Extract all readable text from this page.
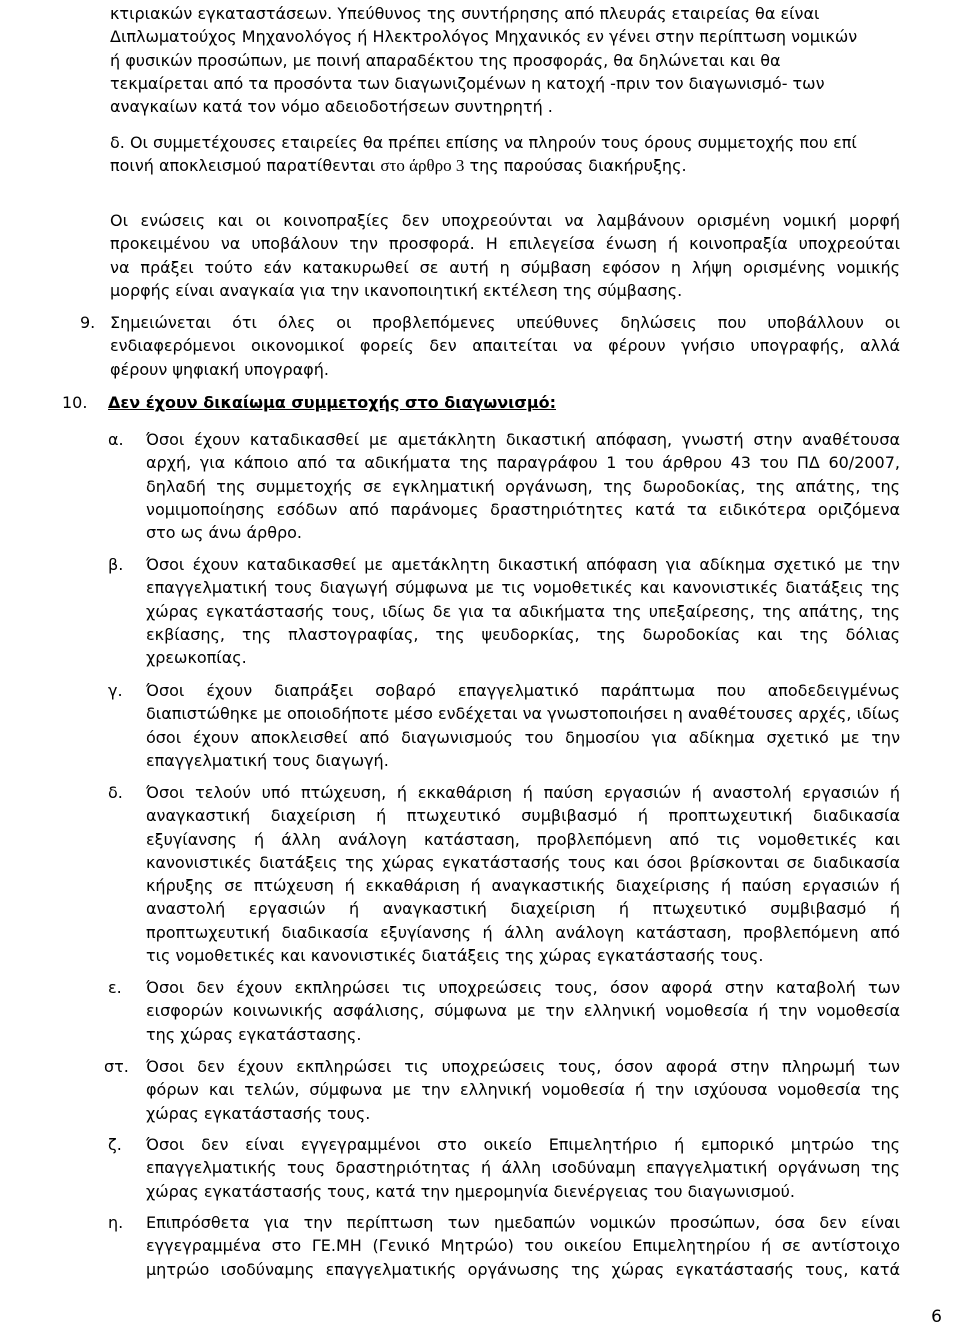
κτιριακών εγκαταστάσεων. Υπεύθυνος της συντήρησης από πλευράς εταιρείας θα είναι
Διπλωματούχος Μηχανολόγος ή Ηλεκτρολόγος Μηχανικός εν γένει στην περίπτωση νομικών
ή φυσικών προσώπων, με ποινή απαραδέκτου της προσφοράς, θα δηλώνεται και θα
τεκμαίρεται από τα προσόντα των διαγωνιζομένων η κατοχή -πριν τον διαγωνισμό- των
αναγκαίων κατά τον νόμο αδειοδοτήσεων συντηρητή .
δ. Οι συμμετέχουσες εταιρείες θα πρέπει επίσης να πληρούν τους όρους συμμετοχής που επί
ποινή αποκλεισμού παρατίθενται στο άρθρο 3 της παρούσας διακήρυξης.
Οι ενώσεις και οι κοινοπραξίες δεν υποχρεούνται να λαμβάνουν ορισμένη νομική μορφή
προκειμένου να υποβάλουν την προσφορά. Η επιλεγείσα ένωση ή κοινοπραξία υποχρεούται
να πράξει τούτο εάν κατακυρωθεί σε αυτή η σύμβαση εφόσον η λήψη ορισμένης νομικής
μορφής είναι αναγκαία για την ικανοποιητική εκτέλεση της σύμβασης.
9. Σημειώνεται ότι όλες οι προβλεπόμενες υπεύθυνες δηλώσεις που υποβάλλουν οι
ενδιαφερόμενοι οικονομικοί φορείς δεν απαιτείται να φέρουν γνήσιο υπογραφής, αλλά
φέρουν ψηφιακή υπογραφή.
10. Δεν έχουν δικαίωμα συμμετοχής στο διαγωνισμό:
α. Όσοι έχουν καταδικασθεί με αμετάκλητη δικαστική απόφαση, γνωστή στην αναθέτουσα
αρχή, για κάποιο από τα αδικήματα της παραγράφου 1 του άρθρου 43 του ΠΔ 60/2007,
δηλαδή της συμμετοχής σε εγκληματική οργάνωση, της δωροδοκίας, της απάτης, της
νομιμοποίησης εσόδων από παράνομες δραστηριότητες κατά τα ειδικότερα οριζόμενα
στο ως άνω άρθρο.
β. Όσοι έχουν καταδικασθεί με αμετάκλητη δικαστική απόφαση για αδίκημα σχετικό με την
επαγγελματική τους διαγωγή σύμφωνα με τις νομοθετικές και κανονιστικές διατάξεις της
χώρας εγκατάστασής τους, ιδίως δε για τα αδικήματα της υπεξαίρεσης, της απάτης, της
εκβίασης, της πλαστογραφίας, της ψευδορκίας, της δωροδοκίας και της δόλιας
χρεωκοπίας.
γ. Όσοι έχουν διαπράξει σοβαρό επαγγελματικό παράπτωμα που αποδεδειγμένως
διαπιστώθηκε με οποιοδήποτε μέσο ενδέχεται να γνωστοποιήσει η αναθέτουσες αρχές, ιδίως
όσοι έχουν αποκλεισθεί από διαγωνισμούς του δημοσίου για αδίκημα σχετικό με την
επαγγελματική τους διαγωγή.
δ. Όσοι τελούν υπό πτώχευση, ή εκκαθάριση ή παύση εργασιών ή αναστολή εργασιών ή
αναγκαστική διαχείριση ή πτωχευτικό συμβιβασμό ή προπτωχευτική διαδικασία
εξυγίανσης ή άλλη ανάλογη κατάσταση, προβλεπόμενη από τις νομοθετικές και
κανονιστικές διατάξεις της χώρας εγκατάστασής τους και όσοι βρίσκονται σε διαδικασία
κήρυξης σε πτώχευση ή εκκαθάριση ή αναγκαστικής διαχείρισης ή παύση εργασιών ή
αναστολή εργασιών ή αναγκαστική διαχείριση ή πτωχευτικό συμβιβασμό ή
προπτωχευτική διαδικασία εξυγίανσης ή άλλη ανάλογη κατάσταση, προβλεπόμενη από
τις νομοθετικές και κανονιστικές διατάξεις της χώρας εγκατάστασής τους.
ε. Όσοι δεν έχουν εκπληρώσει τις υποχρεώσεις τους, όσον αφορά στην καταβολή των
εισφορών κοινωνικής ασφάλισης, σύμφωνα με την ελληνική νομοθεσία ή την νομοθεσία
της χώρας εγκατάστασης.
στ. Όσοι δεν έχουν εκπληρώσει τις υποχρεώσεις τους, όσον αφορά στην πληρωμή των
φόρων και τελών, σύμφωνα με την ελληνική νομοθεσία ή την ισχύουσα νομοθεσία της
χώρας εγκατάστασής τους.
ζ. Όσοι δεν είναι εγγεγραμμένοι στο οικείο Επιμελητήριο ή εμπορικό μητρώο της
επαγγελματικής τους δραστηριότητας ή άλλη ισοδύναμη επαγγελματική οργάνωση της
χώρας εγκατάστασής τους, κατά την ημερομηνία διενέργειας του διαγωνισμού.
η. Επιπρόσθετα για την περίπτωση των ημεδαπών νομικών προσώπων, όσα δεν είναι
εγγεγραμμένα στο ΓΕ.ΜΗ (Γενικό Μητρώο) του οικείου Επιμελητηρίου ή σε αντίστοιχο
μητρώο ισοδύναμης επαγγελματικής οργάνωσης της χώρας εγκατάστασής τους, κατά
6
